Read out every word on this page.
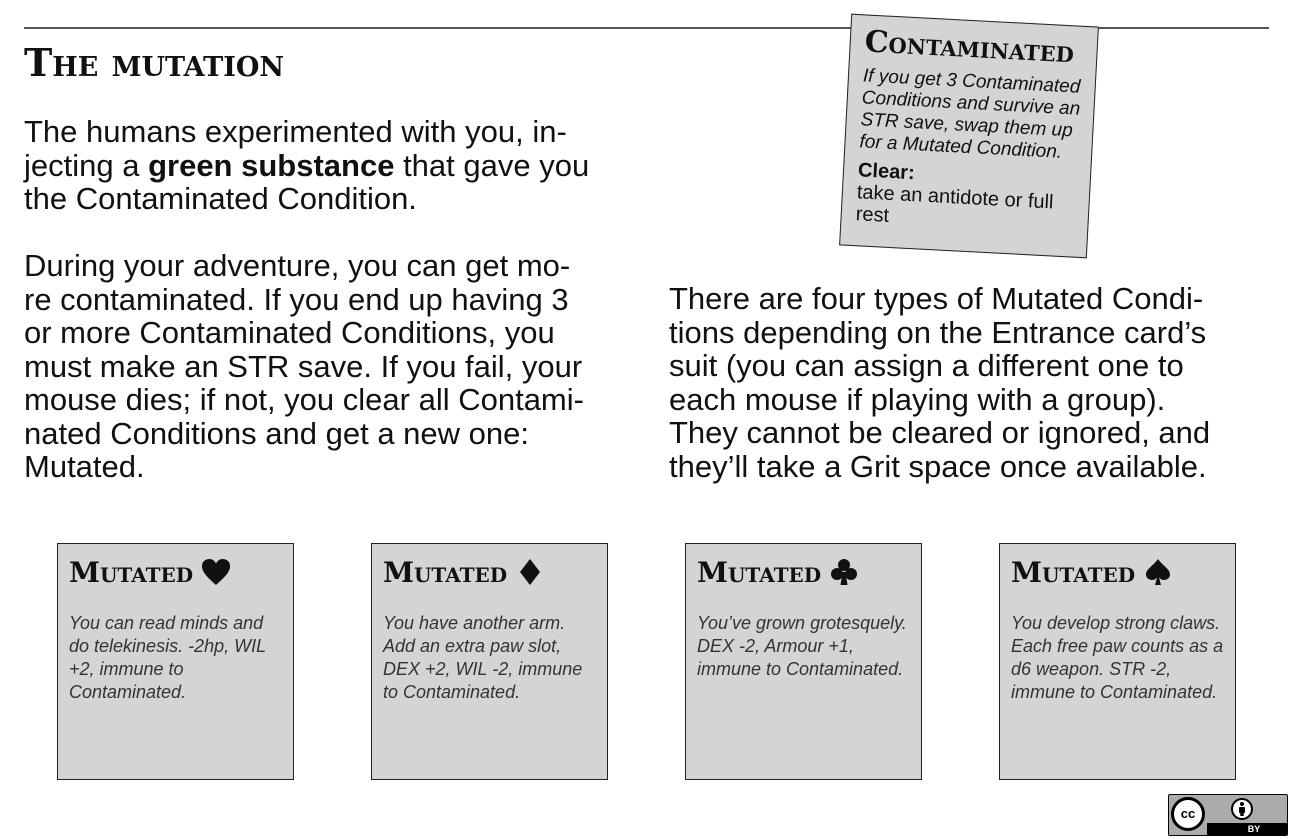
The mutation
The humans experimented with you, in-
jecting a green substance that gave you
the Contaminated Condition.
During your adventure, you can get mo-
re contaminated. If you end up having 3
or more Contaminated Conditions, you
must make an STR save. If you fail, your
mouse dies; if not, you clear all Contami-
nated Conditions and get a new one:
Mutated.
There are four types of Mutated Condi-
tions depending on the Entrance card’s
suit (you can assign a different one to
each mouse if playing with a group).
They cannot be cleared or ignored, and
they’ll take a Grit space once available.
Contaminated
If you get 3 Contaminated Conditions and survive an STR save, swap them up for a Mutated Condition.
Clear:
take an antidote or full rest
Mutated
You can read minds and do telekinesis. -2hp, WIL +2, immune to Contaminated.
Mutated
You have another arm. Add an extra paw slot, DEX +2, WIL -2, immune to Contaminated.
Mutated
You’ve grown grotesquely. DEX -2, Armour +1, immune to Contaminated.
Mutated
You develop strong claws. Each free paw counts as a d6 weapon. STR -2, immune to Contaminated.
cc
BY
